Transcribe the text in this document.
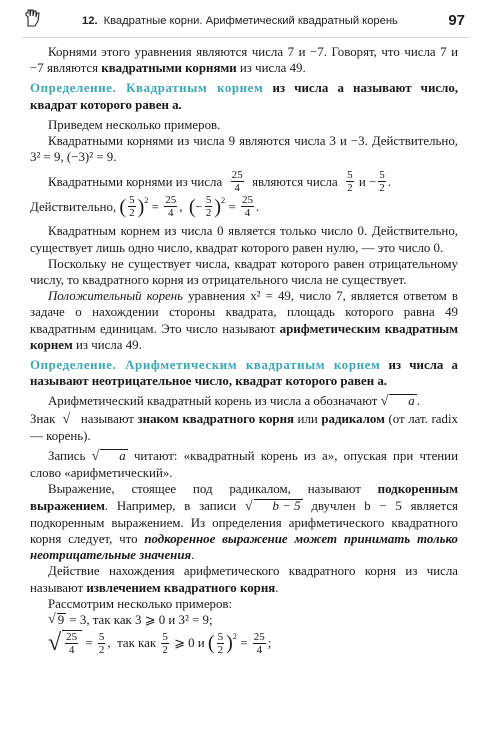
12. Квадратные корни. Арифметический квадратный корень	97

Корнями этого уравнения являются числа 7 и −7. Говорят, что числа 7 и −7 являются квадратными корнями из числа 49.

Определение. Квадратным корнем из числа a называют число, квадрат которого равен a.

Приведем несколько примеров.

Квадратными корнями из числа 9 являются числа 3 и −3. Действительно, 3² = 9, (−3)² = 9.

Квадратными корнями из числа
$\frac{25}{4}$
являются числа
$\frac{5}{2}$
$и - \frac{5}{2}$ .
Действительно,
( $\frac{5}{2}$ ) $2 = \frac{25}{4}$ , ( − $\frac{5}{2}$ ) $2 = \frac{25}{4}$ .

Квадратным корнем из числа 0 является только число 0. Действительно, существует лишь одно число, квадрат которого равен нулю, — это число 0.

Поскольку не существует числа, квадрат которого равен отрицательному числу, то квадратного корня из отрицательного числа не существует.

Положительный корень уравнения x² = 49, число 7, является ответом в задаче о нахождении стороны квадрата, площадь которого равна 49 квадратным единицам. Это число называют арифметическим квадратным корнем из числа 49.

Определение. Арифметическим квадратным корнем из числа a называют неотрицательное число, квадрат которого равен a.

Арифметический квадратный корень из числа a обозначают √ a .

Знак √ называют знаком квадратного корня или радикалом (от лат. radix — корень).

Запись √ a читают: «квадратный корень из a», опуская при чтении слово «арифметический».

Выражение, стоящее под радикалом, называют подкоренным выражением. Например, в записи √ b − 5 двучлен b − 5 является подкоренным выражением. Из определения арифметического квадратного корня следует, что подкоренное выражение может принимать только неотрицательные значения.

Действие нахождения арифметического квадратного корня из числа называют извлечением квадратного корня.

Рассмотрим несколько примеров:

√ 9
= 3, так как 3 ⩾ 0 и 3² = 9;
√ $\frac{25}{4} = \frac{5}{2}$ , так как
$\frac{5}{2}$
⩾ 0 и
( $\frac{5}{2}$ ) $2 = \frac{25}{4}$ ;
